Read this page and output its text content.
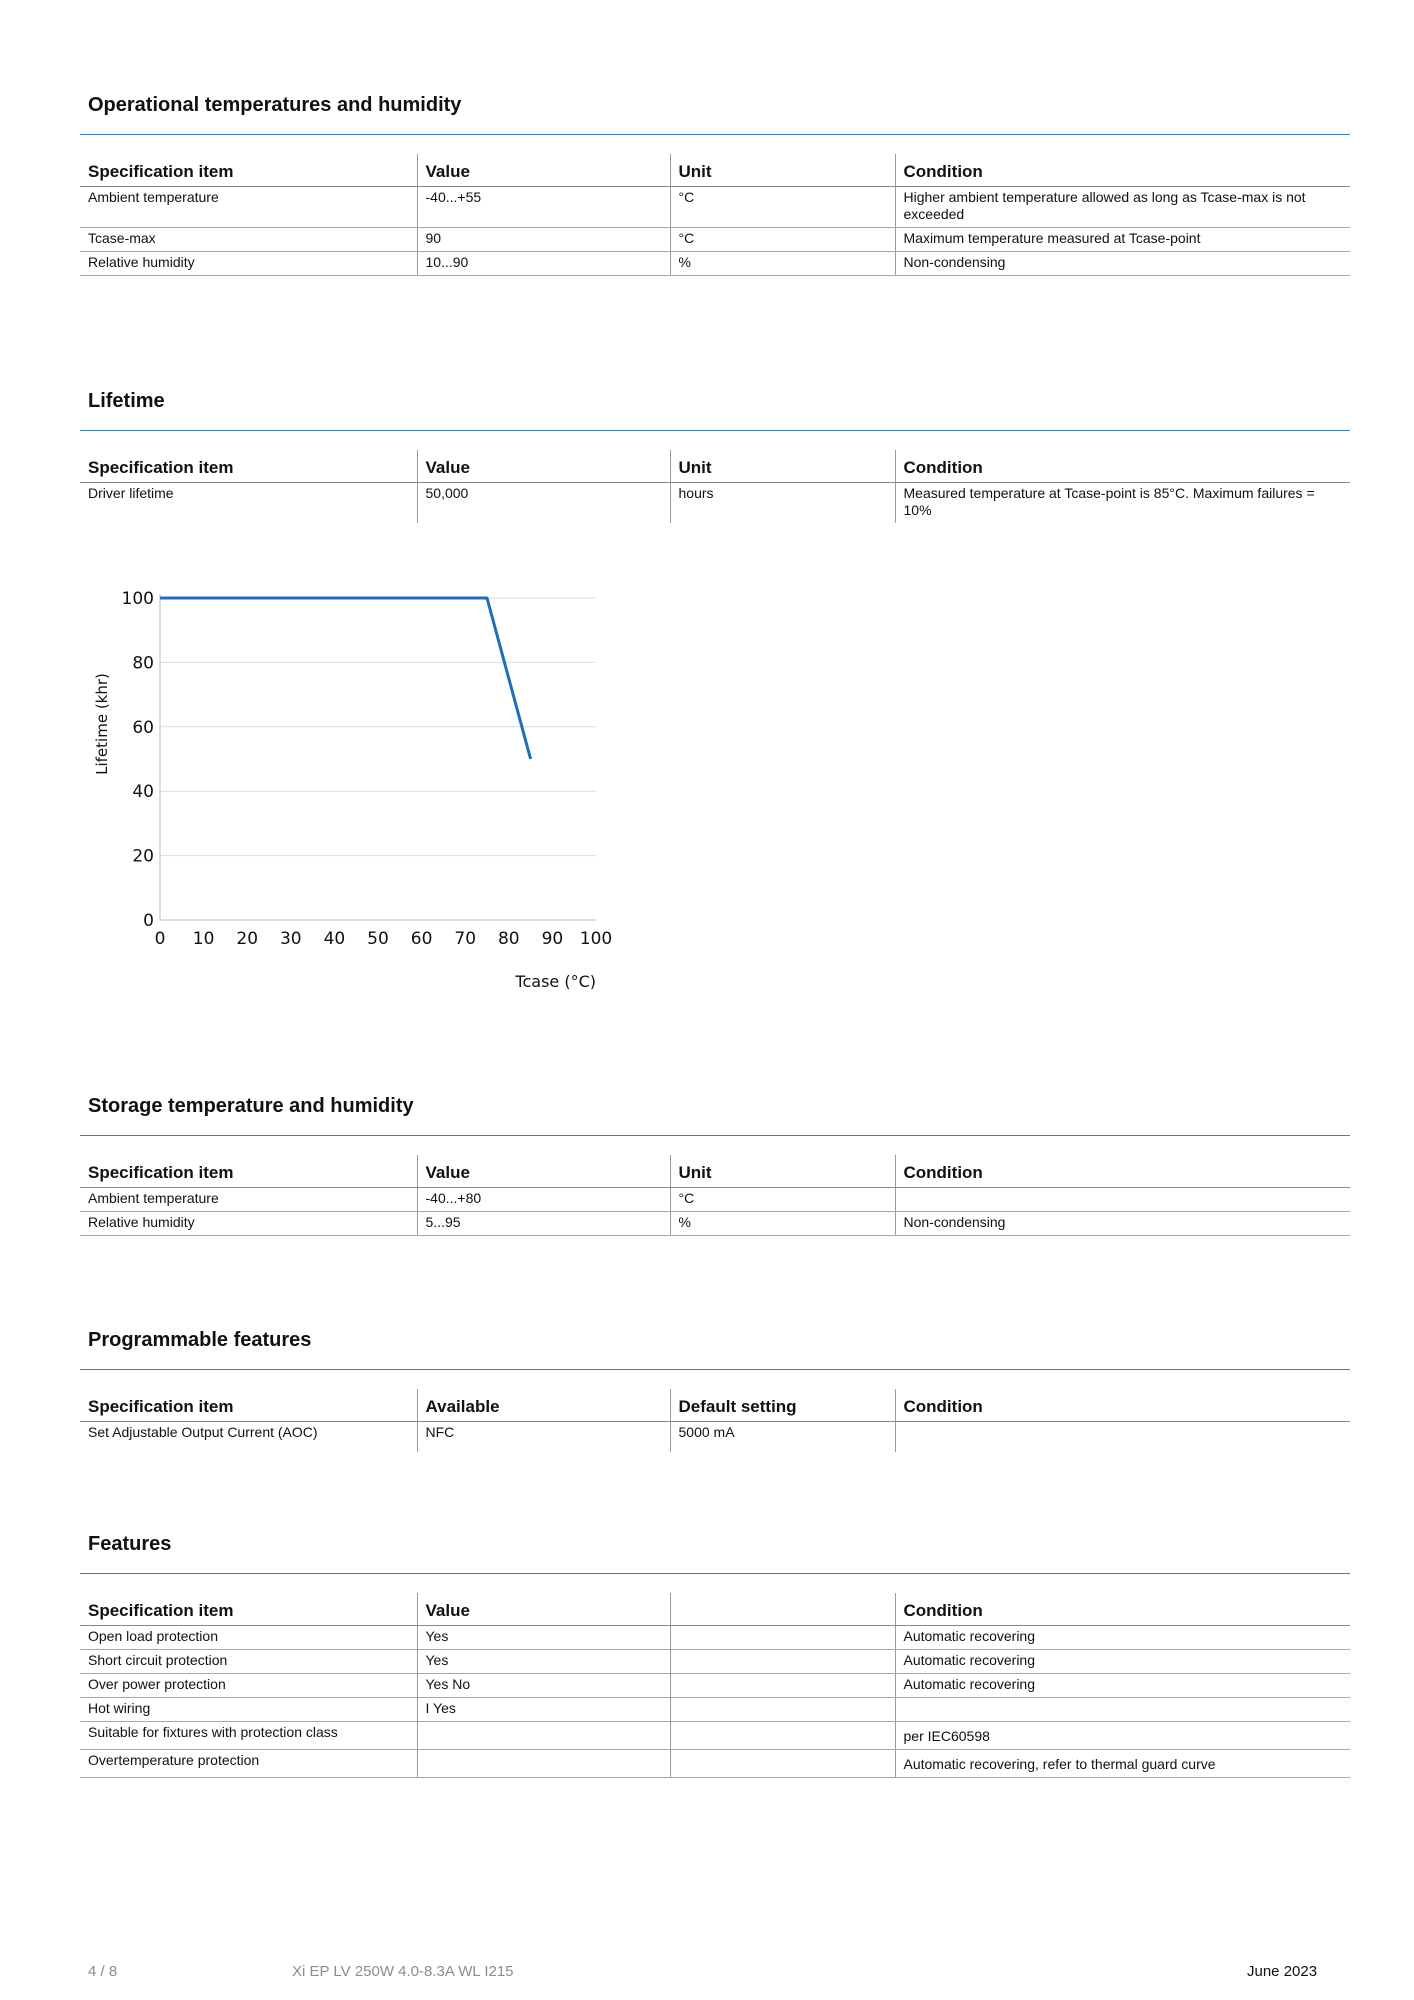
Operational temperatures and humidity
Specification item	Value	Unit	Condition
Ambient temperature	-40...+55	°C	Higher ambient temperature allowed as long as Tcase-max is not exceeded
Tcase-max	90	°C	Maximum temperature measured at Tcase-point
Relative humidity	10...90	%	Non-condensing
Lifetime
Specification item	Value	Unit	Condition
Driver lifetime	50,000	hours	Measured temperature at Tcase-point is 85°C. Maximum failures = 10%
0
20
40
60
80
100
0 10 20 30 40 50 60 70 80 90 100
Tcase (°C)
Lifetime (khr)
Storage temperature and humidity
Specification item	Value	Unit	Condition
Ambient temperature	-40...+80	°C	
Relative humidity	5...95	%	Non-condensing
Programmable features
Specification item	Available	Default setting	Condition
Set Adjustable Output Current (AOC)	NFC	5000 mA	
Features
Specification item	Value		Condition
Open load protection	Yes		Automatic recovering
Short circuit protection	Yes		Automatic recovering
Over power protection	Yes No		Automatic recovering
Hot wiring	I Yes		
Suitable for fixtures with protection class			per IEC60598
Overtemperature protection			Automatic recovering, refer to thermal guard curve
4 / 8	Xi EP LV 250W 4.0-8.3A WL I215	June 2023
